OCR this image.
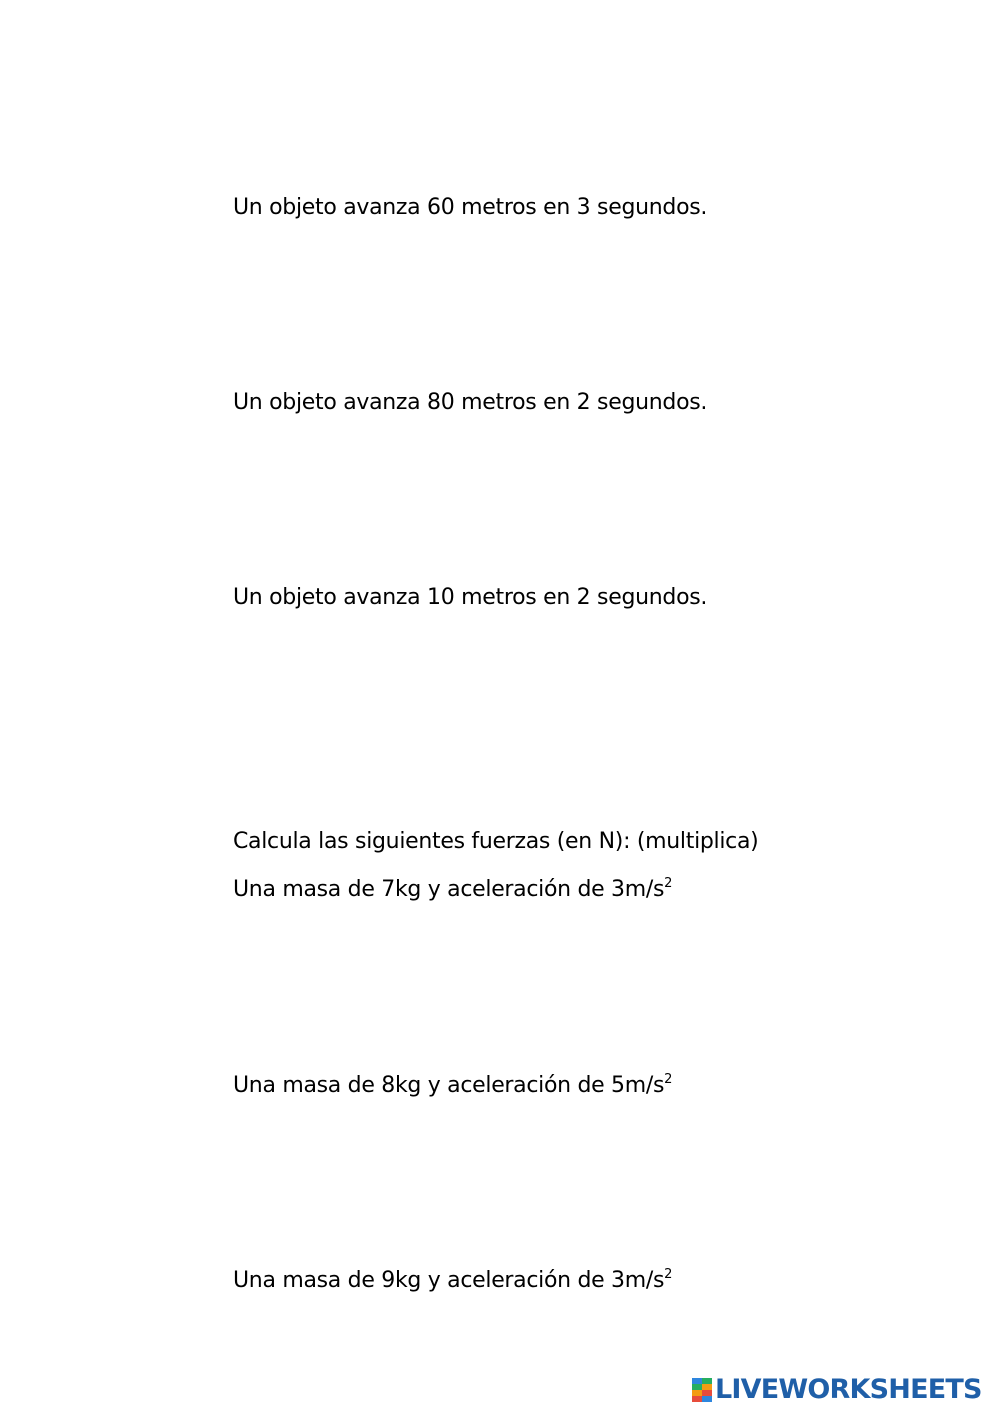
Un objeto avanza 60 metros en 3 segundos.

Un objeto avanza 80 metros en 2 segundos.

Un objeto avanza 10 metros en 2 segundos.

Calcula las siguientes fuerzas (en N): (multiplica)

Una masa de 7kg y aceleración de $3m/s^2$

Una masa de 8kg y aceleración de $5m/s^2$

Una masa de 9kg y aceleración de $3m/s^2$

LIVEWORKSHEETS
